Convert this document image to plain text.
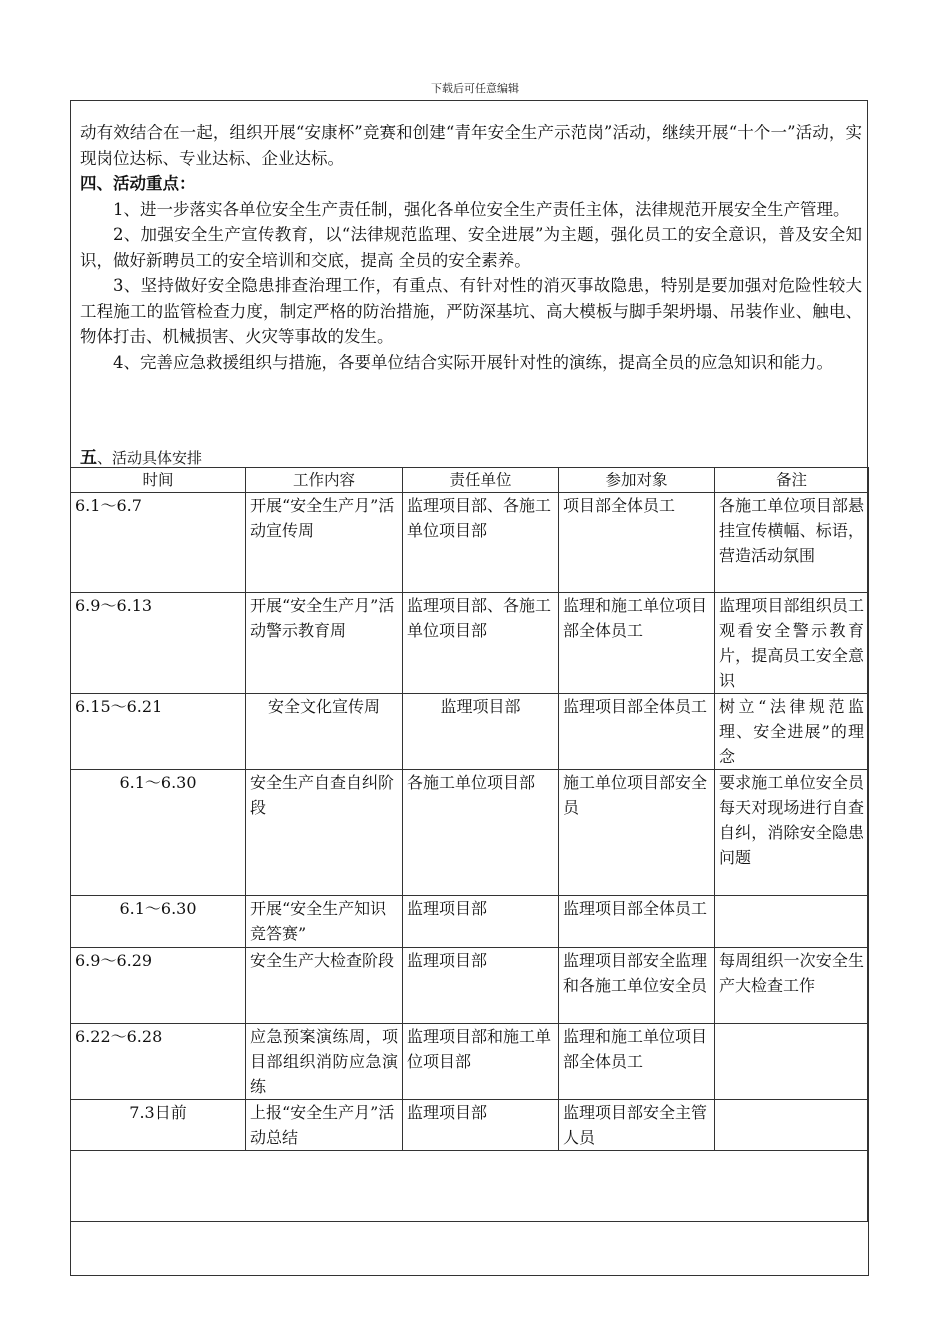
下载后可任意编辑

动有效结合在一起，组织开展“安康杯”竞赛和创建“青年安全生产示范岗”活动，继续开展“十个一”活动，实现岗位达标、专业达标、企业达标。

四、活动重点：

1、进一步落实各单位安全生产责任制，强化各单位安全生产责任主体，法律规范开展安全生产管理。

2、加强安全生产宣传教育，以“法律规范监理、安全进展”为主题，强化员工的安全意识，普及安全知识，做好新聘员工的安全培训和交底，提高 全员的安全素养。

3、坚持做好安全隐患排查治理工作，有重点、有针对性的消灭事故隐患，特别是要加强对危险性较大工程施工的监管检查力度，制定严格的防治措施，严防深基坑、高大模板与脚手架坍塌、吊装作业、触电、物体打击、机械损害、火灾等事故的发生。

4、完善应急救援组织与措施，各要单位结合实际开展针对性的演练，提高全员的应急知识和能力。

五、活动具体安排
时间	工作内容	责任单位	参加对象	备注
6.1～6.7	开展“安全生产月”活动宣传周	监理项目部、各施工单位项目部	项目部全体员工	各施工单位项目部悬挂宣传横幅、标语，营造活动氛围
6.9～6.13	开展“安全生产月”活动警示教育周	监理项目部、各施工单位项目部	监理和施工单位项目部全体员工	监理项目部组织员工观看安全警示教育片，提高员工安全意识
6.15～6.21	安全文化宣传周	监理项目部	监理项目部全体员工	树立“法律规范监理、安全进展”的理念
6.1～6.30	安全生产自查自纠阶段	各施工单位项目部	施工单位项目部安全员	要求施工单位安全员每天对现场进行自查自纠，消除安全隐患问题
6.1～6.30	开展“安全生产知识竞答赛”	监理项目部	监理项目部全体员工	
6.9～6.29	安全生产大检查阶段	监理项目部	监理项目部安全监理和各施工单位安全员	每周组织一次安全生产大检查工作
6.22～6.28	应急预案演练周，项目部组织消防应急演练	监理项目部和施工单位项目部	监理和施工单位项目部全体员工	
7.3日前	上报“安全生产月”活动总结	监理项目部	监理项目部安全主管人员	
